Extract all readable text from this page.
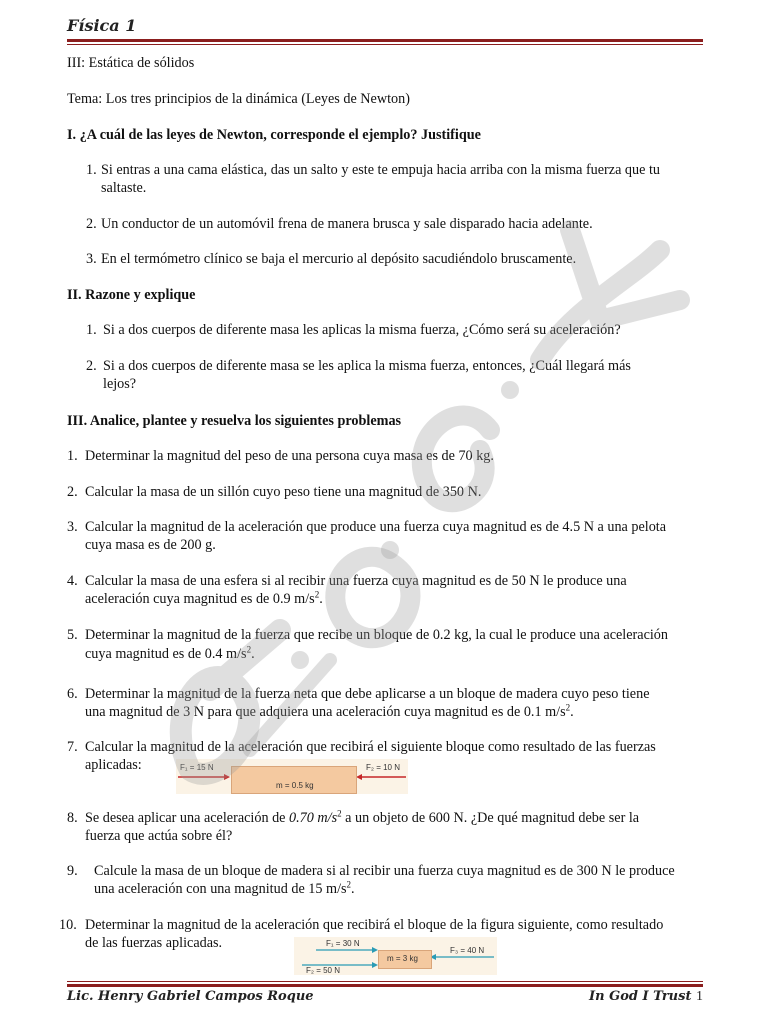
Física 1
III: Estática de sólidos
Tema: Los tres principios de la dinámica (Leyes de Newton)
I. ¿A cuál de las leyes de Newton, corresponde el ejemplo? Justifique
1. Si entras a una cama elástica, das un salto y este te empuja hacia arriba con la misma fuerza que tu
saltaste.
2. Un conductor de un automóvil frena de manera brusca y sale disparado hacia adelante.
3. En el termómetro clínico se baja el mercurio al depósito sacudiéndolo bruscamente.
II. Razone y explique
1. Si a dos cuerpos de diferente masa les aplicas la misma fuerza, ¿Cómo será su aceleración?
2. Si a dos cuerpos de diferente masa se les aplica la misma fuerza, entonces, ¿Cuál llegará más
lejos?
III. Analice, plantee y resuelva los siguientes problemas
1. Determinar la magnitud del peso de una persona cuya masa es de 70 kg.
2. Calcular la masa de un sillón cuyo peso tiene una magnitud de 350 N.
3. Calcular la magnitud de la aceleración que produce una fuerza cuya magnitud es de 4.5 N a una pelota
cuya masa es de 200 g.
4. Calcular la masa de una esfera si al recibir una fuerza cuya magnitud es de 50 N le produce una
aceleración cuya magnitud es de 0.9 $m/s^2$.
5. Determinar la magnitud de la fuerza que recibe un bloque de 0.2 kg, la cual le produce una aceleración
cuya magnitud es de 0.4 $m/s^2$.
6. Determinar la magnitud de la fuerza neta que debe aplicarse a un bloque de madera cuyo peso tiene
una magnitud de 3 N para que adquiera una aceleración cuya magnitud es de 0.1 $m/s^2$.
7. Calcular la magnitud de la aceleración que recibirá el siguiente bloque como resultado de las fuerzas
aplicadas:
8. Se desea aplicar una aceleración de 0.70 $m/s^2$ a un objeto de 600 N. ¿De qué magnitud debe ser la
fuerza que actúa sobre él?
9. Calcule la masa de un bloque de madera si al recibir una fuerza cuya magnitud es de 300 N le produce
una aceleración con una magnitud de 15 $m/s^2$.
10. Determinar la magnitud de la aceleración que recibirá el bloque de la figura siguiente, como resultado
de las fuerzas aplicadas.
F₁ = 15 N	F₂ = 10 N
m = 0.5 kg
F₁ = 30 N
F₂ = 50 N
F₃ = 40 N
m = 3 kg
Lic. Henry Gabriel Campos Roque	In God I Trust 1
